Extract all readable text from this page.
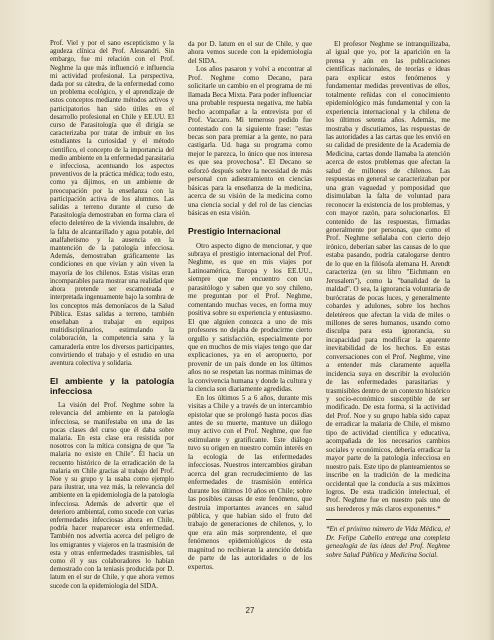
Prof. Viel y por el sano escepticismo y la agudeza clínica del Prof. Alessandri. Sin embargo, fue mi relación con el Prof. Neghme la que más influenció e influencia mi actividad profesional. La perspectiva, dada por su cátedra, de la enfermedad como un problema ecológico, y el aprendizaje de estos conceptos mediante métodos activos y participatorios han sido útiles en el desarrollo profesional en Chile y EE.UU. El curso de Parasitología que él dirigía se caracterizaba por tratar de imbuir en los estudiantes la curiosidad y el método científico, el concepto de la importancia del medio ambiente en la enfermedad parasitaria e infecciosa, acentuando los aspectos preventivos de la práctica médica; todo esto, como ya dijimos, en un ambiente de preocupación por la enseñanza con la participación activa de los alumnos. Las salidas a terreno durante el curso de Parasitología demostraban en forma clara el efecto deletéreo de la vivienda insalubre, de la falta de alcantarillado y agua potable, del analfabetismo y la ausencia en la mantención de la patología infecciosa. Además, demostraban gráficamente las condiciones en que vivían y aún viven la mayoría de los chilenos. Estas visitas eran incomparables para mostrar una realidad que ahora pretende ser escamoteada e interpretada ingenuamente bajo la sombra de los conceptos más demoníacos de la Salud Pública. Estas salidas a terreno, también enseñaban a trabajar en equipos multidisciplinarios, estimulando la colaboración, la competencia sana y la camaradería entre los diversos participantes, convirtiendo el trabajo y el estudio en una aventura colectiva y solidaria.

El ambiente y la patología infecciosa

La visión del Prof. Neghme sobre la relevancia del ambiente en la patología infecciosa, se manifestaba en una de las pocas clases del curso que él daba sobre malaria. En esta clase era resistida por nosotros con la mítica consigna de que "la malaria no existe en Chile". Él hacía un recuento histórico de la erradicación de la malaria en Chile gracias al trabajo del Prof. Noe y su grupo y la usaba como ejemplo para ilustrar, una vez más, la relevancia del ambiente en la epidemiología de la patología infecciosa. Además de advertir que el deterioro ambiental, como sucede con varias enfermedades infecciosas ahora en Chile, podría hacer reaparecer esta enfermedad. También nos advertía acerca del peligro de los emigrantes y viajeros en la trasmisión de esta y otras enfermedades trasmisibles, tal como él y sus colaboradores lo habían demostrado con la teniasis producida por D. latum en el sur de Chile, y que ahora vemos sucede con la epidemiología del SIDA.

da por D. latum en el sur de Chile, y que ahora vemos sucede con la epidemiología del SIDA.

Los años pasaron y volví a encontrar al Prof. Neghme como Decano, para solicitarle un cambio en el programa de mi llamada Beca Mixta. Para poder influenciar una probable respuesta negativa, me había hecho acompañar a la entrevista por el Prof. Vaccaro. Mi temeroso pedido fue contestado con la siguiente frase: "estas becas son para premiar a la gente, no para castigarla. Ud. haga su programa como mejor le parezca, lo único que nos interesa es que sea provechosa". El Decano se esforzó después sobre la necesidad de más personal con adiestramiento en ciencias básicas para la enseñanza de la medicina, acerca de su visión de la medicina como una ciencia social y del rol de las ciencias básicas en esta visión.

Prestigio Internacional

Otro aspecto digno de mencionar, y que subraya el prestigio internacional del Prof. Neghme, es que en mis viajes por Latinoamérica, Europa y los EE.UU., siempre que me encuentro con un parasitólogo y saben que yo soy chileno, me preguntan por el Prof. Neghme, comentando muchas veces, en forma muy positiva sobre su experiencia y entusiasmo. El que alguien conozca a uno de mis profesores no dejaba de producirme cierto orgullo y satisfacción, especialmente por que en muchos de mis viajes tengo que dar explicaciones, ya en el aeropuerto, por provenir de un país donde en los últimos años no se respetan las normas mínimas de la convivencia humana y donde la cultura y la ciencia son diariamente agredidas.

En los últimos 5 a 6 años, durante mis visitas a Chile y a través de un intercambio epistolar que se prolongó hasta pocos días antes de su muerte, mantuve un diálogo muy activo con el Prof. Neghme, que fue estimulante y gratificante. Este diálogo tuvo su origen en nuestro común interés en la ecología de las enfermedades infecciosas. Nuestros intercambios giraban acerca del gran recrudecimiento de las enfermedades de trasmisión entérica durante los últimos 10 años en Chile; sobre las posibles causas de este fenómeno, que destruía importantes avances en salud pública, y que habían sido el fruto del trabajo de generaciones de chilenos, y, lo que era aún más sorprendente, el que fenómenos epidemiológicos de esta magnitud no recibieran la atención debida de parte de las autoridades o de los expertos.

El profesor Neghme se intranquilizaba, al igual que yo, por la aparición en la prensa y aún en las publicaciones científicas nacionales, de teorías e ideas para explicar estos fenómenos y fundamentar medidas preventivas de ellos, totalmente reñidas con el conocimiento epidemiológico más fundamental y con la experiencia internacional y la chilena de los últimos setenta años. Además, me mostraba y discutíamos, las respuestas de las autoridades a las cartas que les envió en su calidad de presidente de la Academia de Medicina, cartas donde llamaba la atención acerca de estos problemas que afectan la salud de millones de chilenos. Las respuestas en general se caracterizaban por una gran vaguedad y pomposidad que disimulaban la falta de voluntad para reconocer la existencia de los problemas, y con mayor razón, para solucionarlos. El contenido de las respuestas, firmadas generalmente por personas, que como el Prof. Neghme señalaba con cierto dejo irónico, deberían saber las causas de lo que estaba pasando, podría catalogarse dentro de lo que en la filósofa alemana H. Arendt caracteriza (en su libro "Eichmann en Jerusalem"), como la "banalidad de la maldad". O sea, la ignorancia voluntaria de burócratas de pocas luces, y generalmente cobardes y adulones, sobre los hechos deletéreos que afectan la vida de miles o millones de seres humanos, usando como disculpa para esta ignorancia, su incapacidad para modificar la aparente inevitabilidad de los hechos. En estas conversaciones con el Prof. Neghme, vine a entender más claramente aquella incidencia suya en describir la evolución de las enfermedades parasitarias y trasmisibles dentro de un contexto histórico y socio-económico susceptible de ser modificado. De esta forma, si la actividad del Prof. Noe y su grupo había sido capaz de erradicar la malaria de Chile, el mismo tipo de actividad científica y educativa, acompañada de los necesarios cambios sociales y económicos, debería erradicar la mayor parte de la patología infecciosa en nuestro país. Este tipo de planteamientos se inscribe en la tradición de la medicina occidental que la conducía a sus máximos logros. De esta tradición intelectual, el Prof. Neghme fue en nuestro país uno de sus herederos y más claros exponentes.*

*En el próximo número de Vida Médica, el Dr. Felipe Cabello entrega una completa genealogía de las ideas del Prof. Neghme sobre Salud Pública y Medicina Social.

27
